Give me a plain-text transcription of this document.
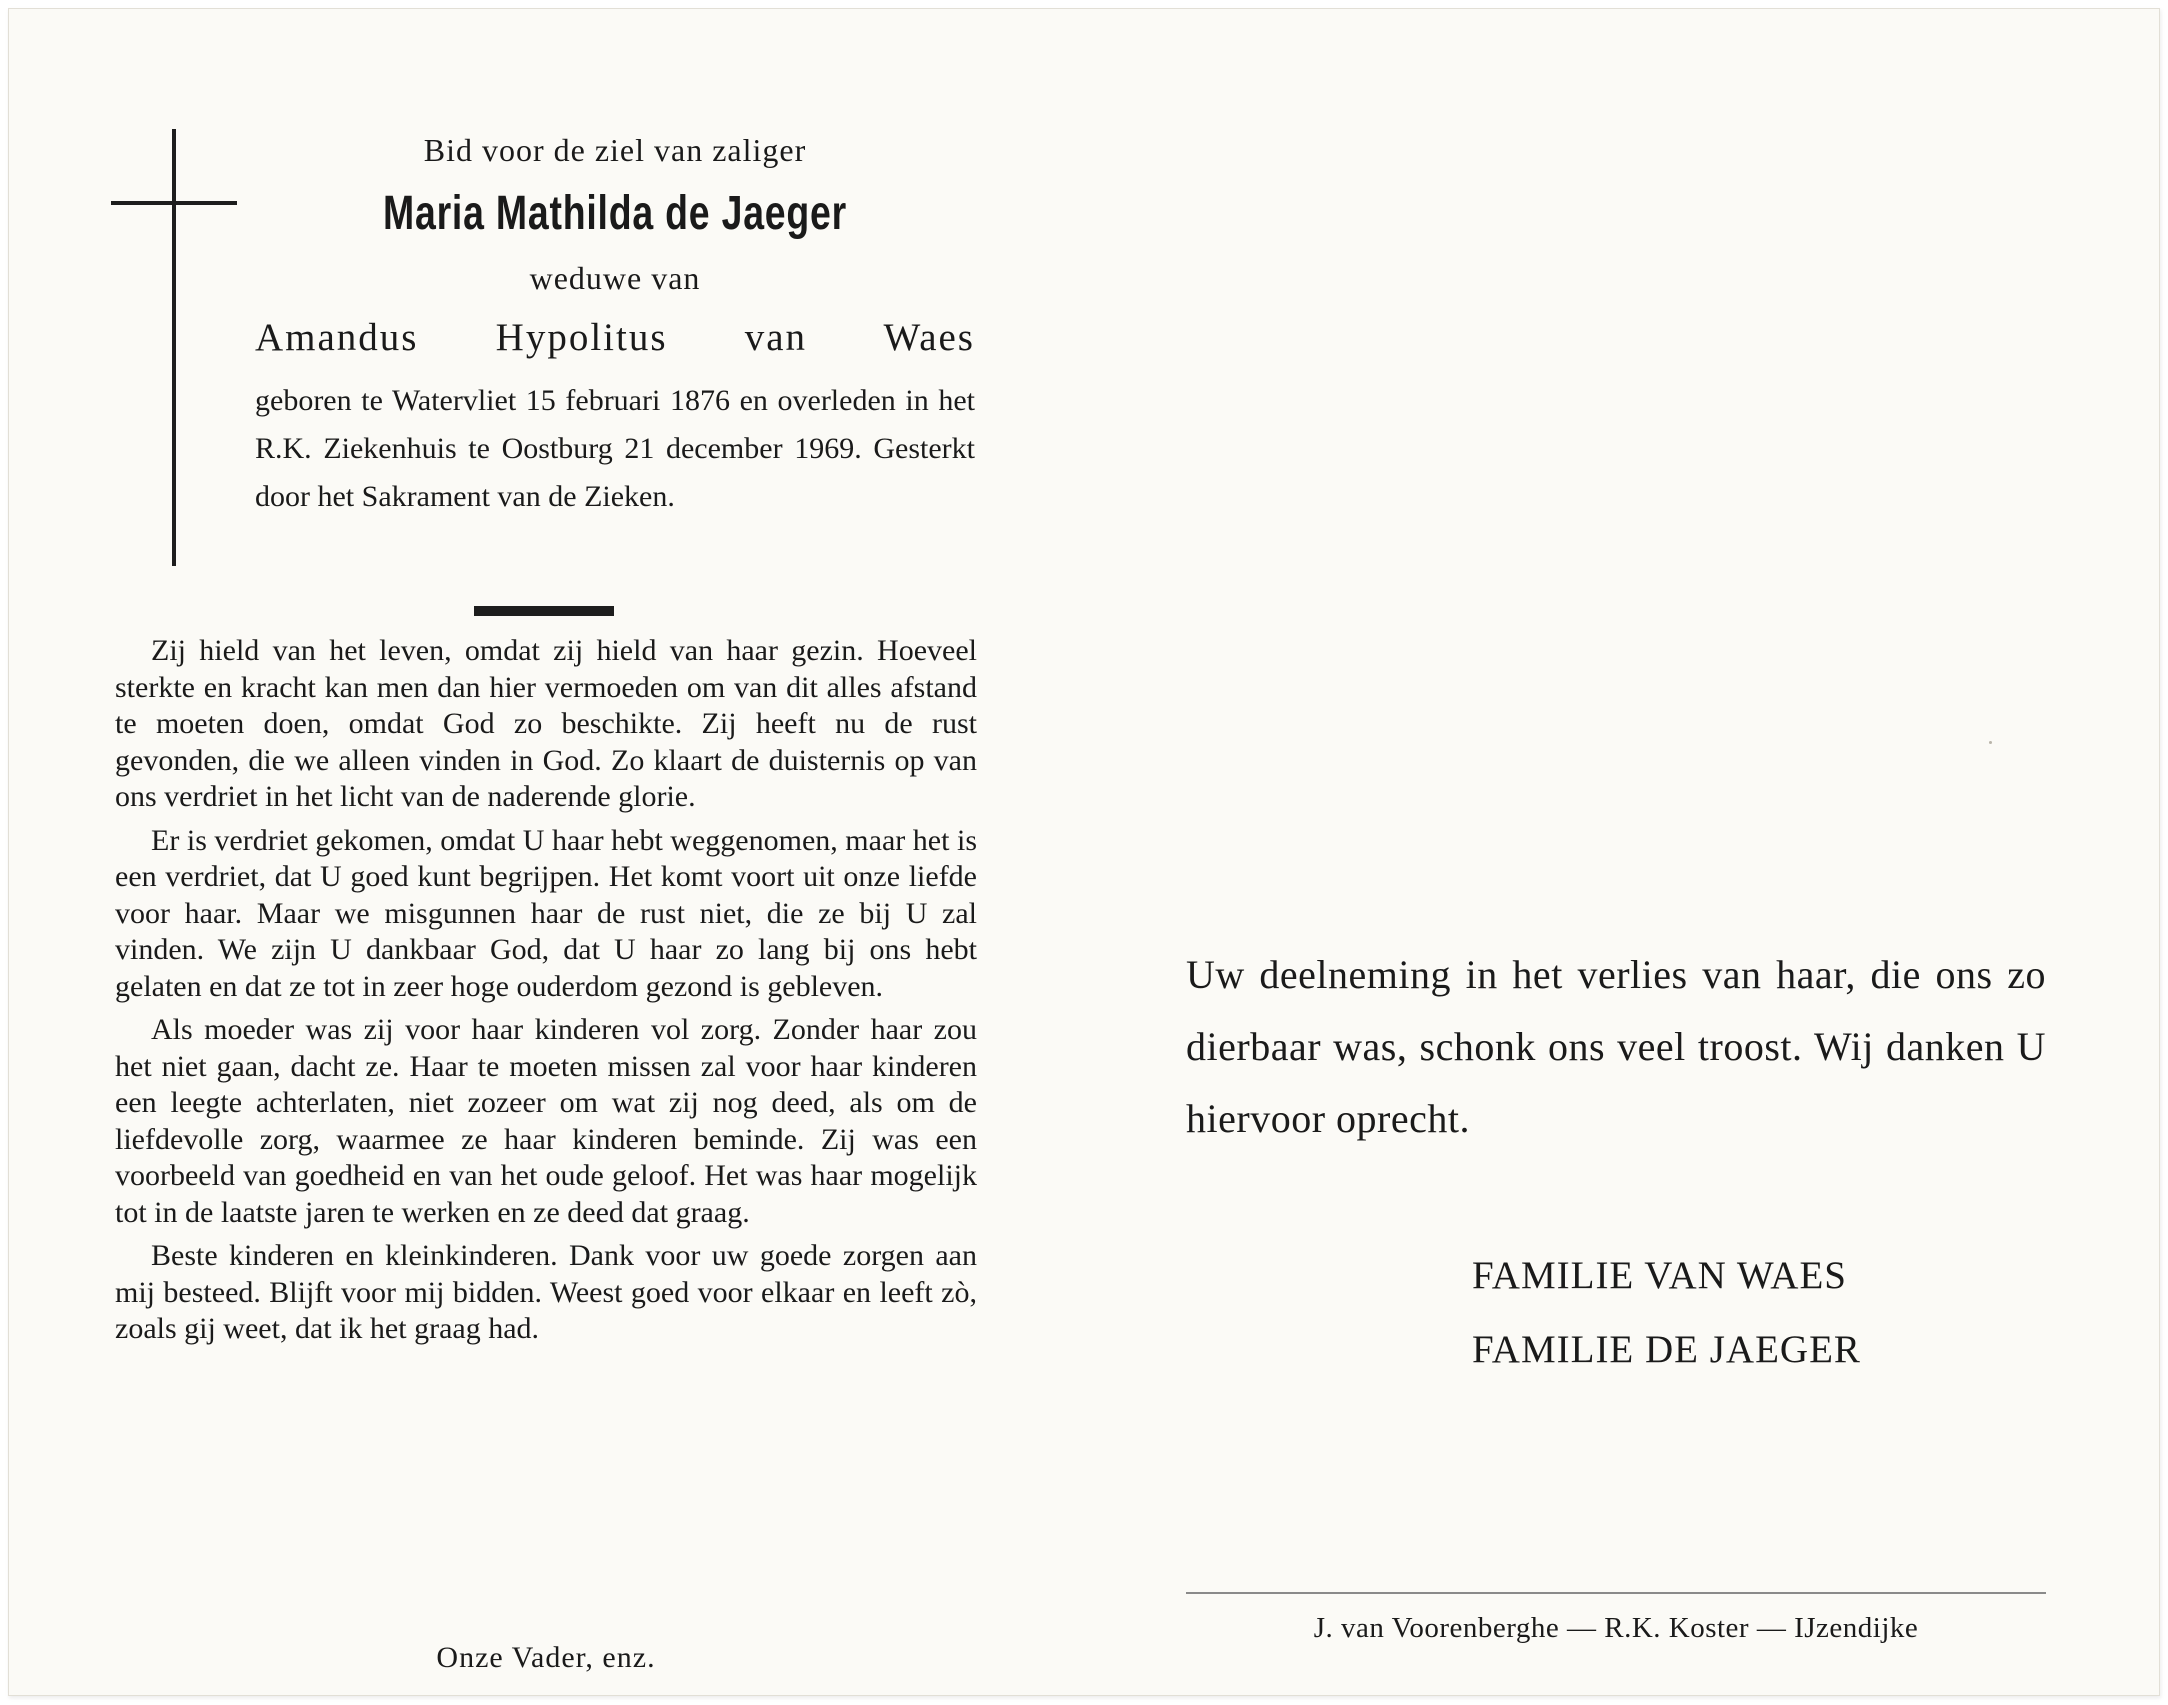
Bid voor de ziel van zaliger

Maria Mathilda de Jaeger

weduwe van

Amandus Hypolitus van Waes

geboren te Watervliet 15 februari 1876 en overleden in het R.K. Ziekenhuis te Oostburg 21 december 1969. Gesterkt door het Sakrament van de Zieken.

Zij hield van het leven, omdat zij hield van haar gezin. Hoeveel sterkte en kracht kan men dan hier vermoeden om van dit alles afstand te moeten doen, omdat God zo beschikte. Zij heeft nu de rust gevonden, die we alleen vinden in God. Zo klaart de duisternis op van ons verdriet in het licht van de naderende glorie.

Er is verdriet gekomen, omdat U haar hebt weggenomen, maar het is een verdriet, dat U goed kunt begrijpen. Het komt voort uit onze liefde voor haar. Maar we misgunnen haar de rust niet, die ze bij U zal vinden. We zijn U dankbaar God, dat U haar zo lang bij ons hebt gelaten en dat ze tot in zeer hoge ouderdom gezond is gebleven.

Als moeder was zij voor haar kinderen vol zorg. Zonder haar zou het niet gaan, dacht ze. Haar te moeten missen zal voor haar kinderen een leegte achterlaten, niet zozeer om wat zij nog deed, als om de liefdevolle zorg, waarmee ze haar kinderen beminde. Zij was een voorbeeld van goedheid en van het oude geloof. Het was haar mogelijk tot in de laatste jaren te werken en ze deed dat graag.

Beste kinderen en kleinkinderen. Dank voor uw goede zorgen aan mij besteed. Blijft voor mij bidden. Weest goed voor elkaar en leeft zò, zoals gij weet, dat ik het graag had.

Onze Vader, enz.

Uw deelneming in het verlies van haar, die ons zo dierbaar was, schonk ons veel troost. Wij danken U hiervoor oprecht.

FAMILIE VAN WAES

FAMILIE DE JAEGER

J. van Voorenberghe — R.K. Koster — IJzendijke
